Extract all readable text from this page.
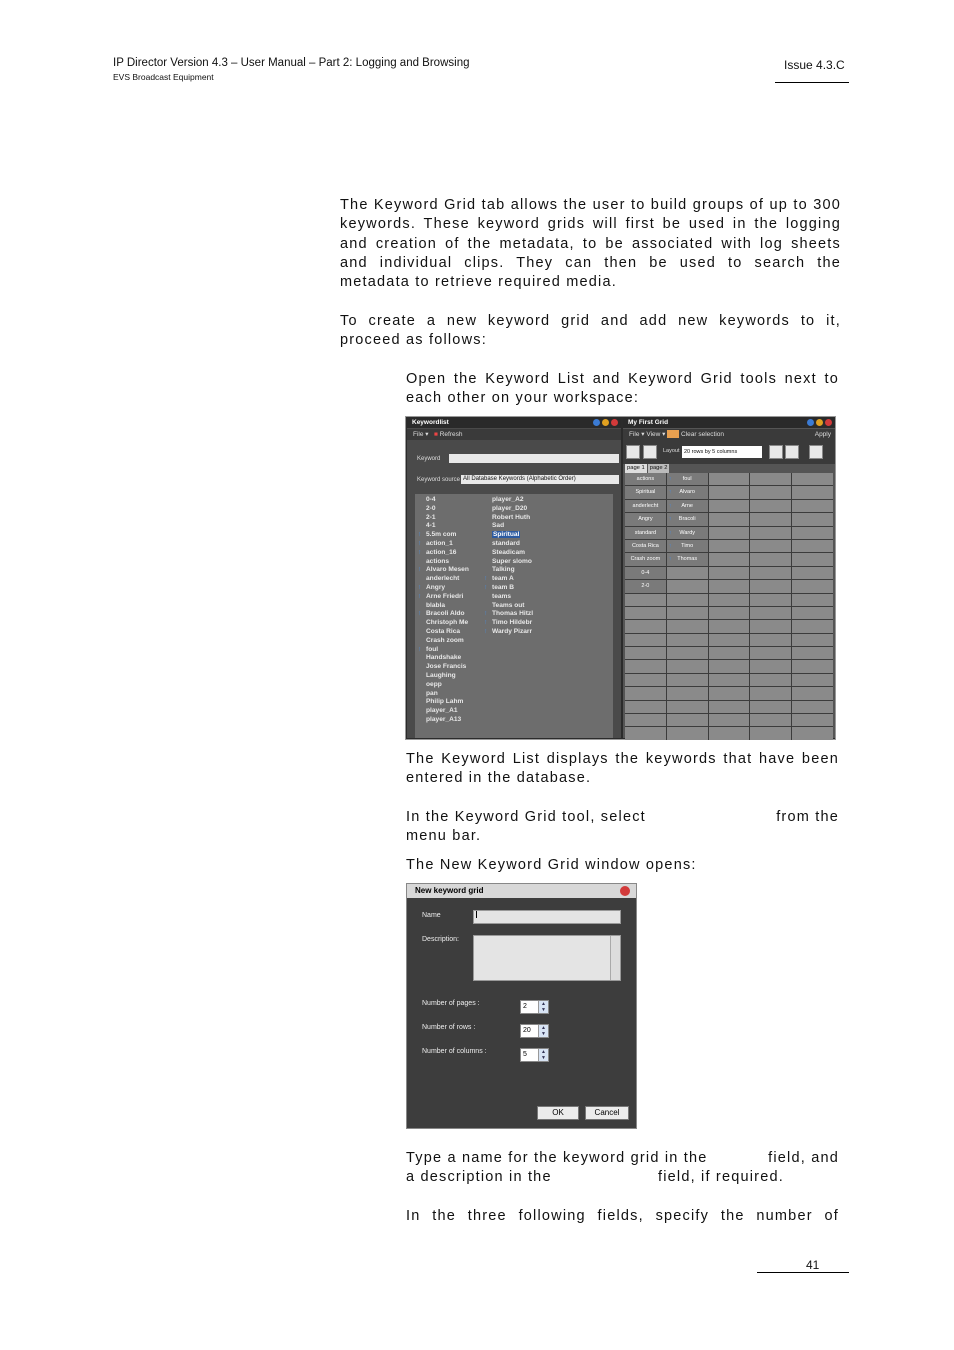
IP Director Version 4.3 – User Manual – Part 2: Logging and Browsing
EVS Broadcast Equipment
Issue 4.3.C
The Keyword Grid tab allows the user to build groups of up to 300 keywords. These keyword grids will first be used in the logging and creation of the metadata, to be associated with log sheets and individual clips. They can then be used to search the metadata to retrieve required media.
To create a new keyword grid and add new keywords to it, proceed as follows:
Open the Keyword List and Keyword Grid tools next to each other on your workspace:
Keywordlist
File ▾   ■ Refresh
Keyword
Keyword source All Database Keywords (Alphabetic Order)
0-4
2-0
2-1
4-1
↑ 5.5m com
↑ action_1
↑ action_16
actions
↑ Alvaro Mesen
anderlecht
↑ Angry
↑ Arne Friedri
blabla
↑ Bracoli Aldo
Christoph Me
Costa Rica
Crash zoom
↑ foul
Handshake
Jose Francis
Laughing
oepp
pan
Philip Lahm
player_A1
player_A13
player_A2
player_D20
Robert Huth
Sad
Spiritual
standard
Steadicam
Super slomo
Talking
↑ team A
↑ team B
teams
Teams out
↑ Thomas Hitzl
↑ Timo Hildebr
↑ Wardy Pizarr
My First Grid
File ▾ View ▾  Clear selection	Apply
Layout 20 rows by 5 columns
page 1 page 2
actions	↑ foul
Spiritual	↑ Alvaro
anderlecht	↑ Arne
Angry	↑ Bracoli
standard	↑ Wardy
Costa Rica	↑ Timo
Crash zoom	↑ Thomas
0-4
2-0
The Keyword List displays the keywords that have been entered in the database.
In the Keyword Grid tool, select	from the
menu bar.
The New Keyword Grid window opens:
New keyword grid
Name

Description:
Number of pages :	2	▲
▼
Number of rows :	20	▲
▼
Number of columns :	5	▲
▼
OK	Cancel
Type a name for the keyword grid in the	field, and
a description in the	field, if required.
In the three following fields, specify the number of
41
